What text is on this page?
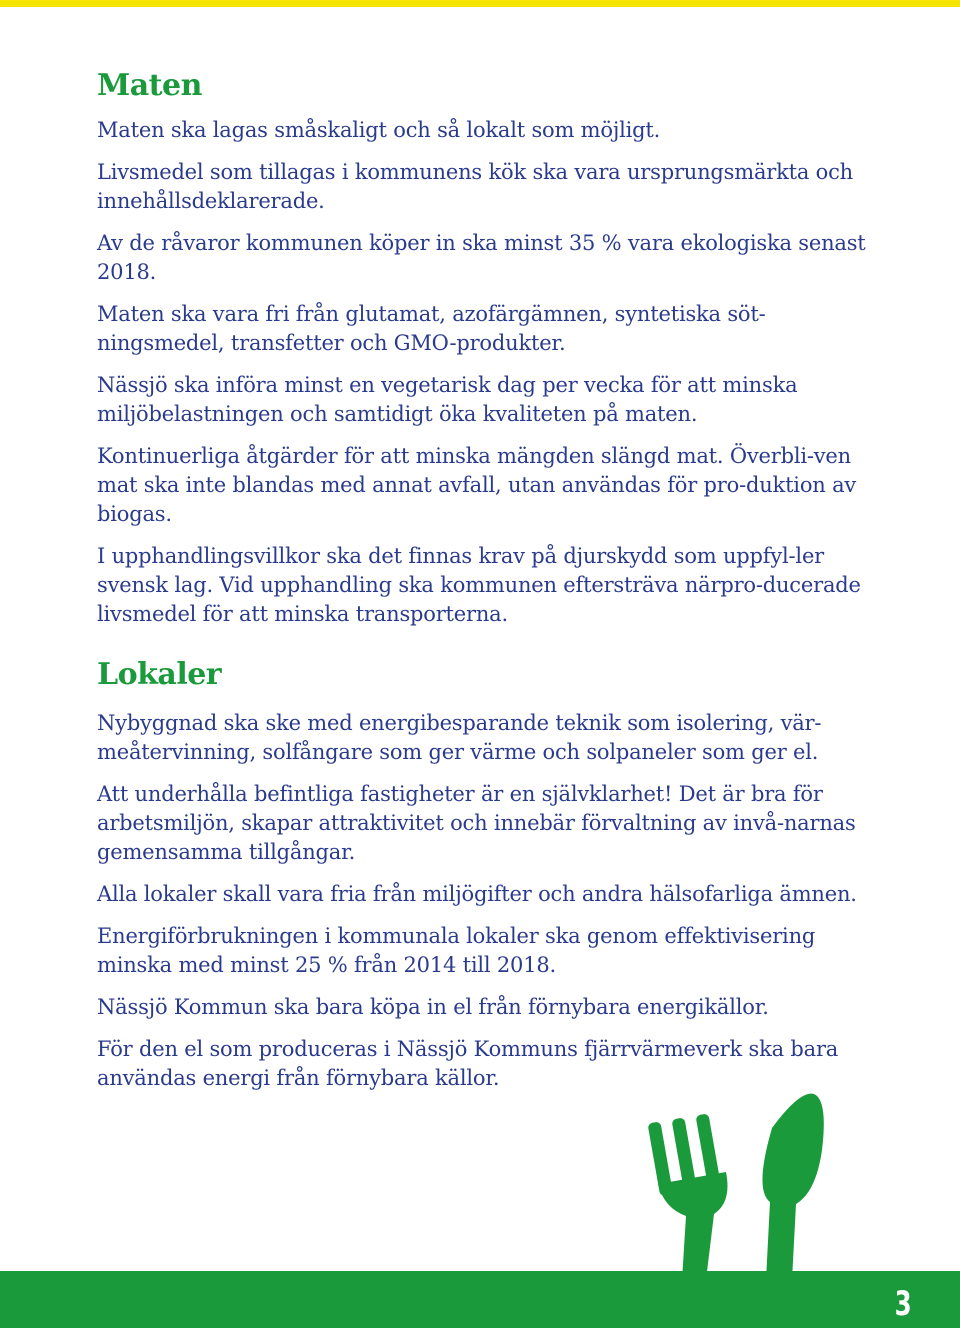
Maten

Maten ska lagas småskaligt och så lokalt som möjligt.

Livsmedel som tillagas i kommunens kök ska vara ursprungsmärkta och innehållsdeklarerade.

Av de råvaror kommunen köper in ska minst 35 % vara ekologiska senast 2018.

Maten ska vara fri från glutamat, azofärgämnen, syntetiska söt-ningsmedel, transfetter och GMO-produkter.

Nässjö ska införa minst en vegetarisk dag per vecka för att minska miljöbelastningen och samtidigt öka kvaliteten på maten.

Kontinuerliga åtgärder för att minska mängden slängd mat. Överbli-ven mat ska inte blandas med annat avfall, utan användas för pro-duktion av biogas.

I upphandlingsvillkor ska det finnas krav på djurskydd som uppfyl-ler svensk lag. Vid upphandling ska kommunen eftersträva närpro-ducerade livsmedel för att minska transporterna.

Lokaler

Nybyggnad ska ske med energibesparande teknik som isolering, vär-meåtervinning, solfångare som ger värme och solpaneler som ger el.

Att underhålla befintliga fastigheter är en självklarhet! Det är bra för arbetsmiljön, skapar attraktivitet och innebär förvaltning av invå-narnas gemensamma tillgångar.

Alla lokaler skall vara fria från miljögifter och andra hälsofarliga ämnen.

Energiförbrukningen i kommunala lokaler ska genom effektivisering minska med minst 25 % från 2014 till 2018.

Nässjö Kommun ska bara köpa in el från förnybara energikällor.

För den el som produceras i Nässjö Kommuns fjärrvärmeverk ska bara användas energi från förnybara källor.

3
